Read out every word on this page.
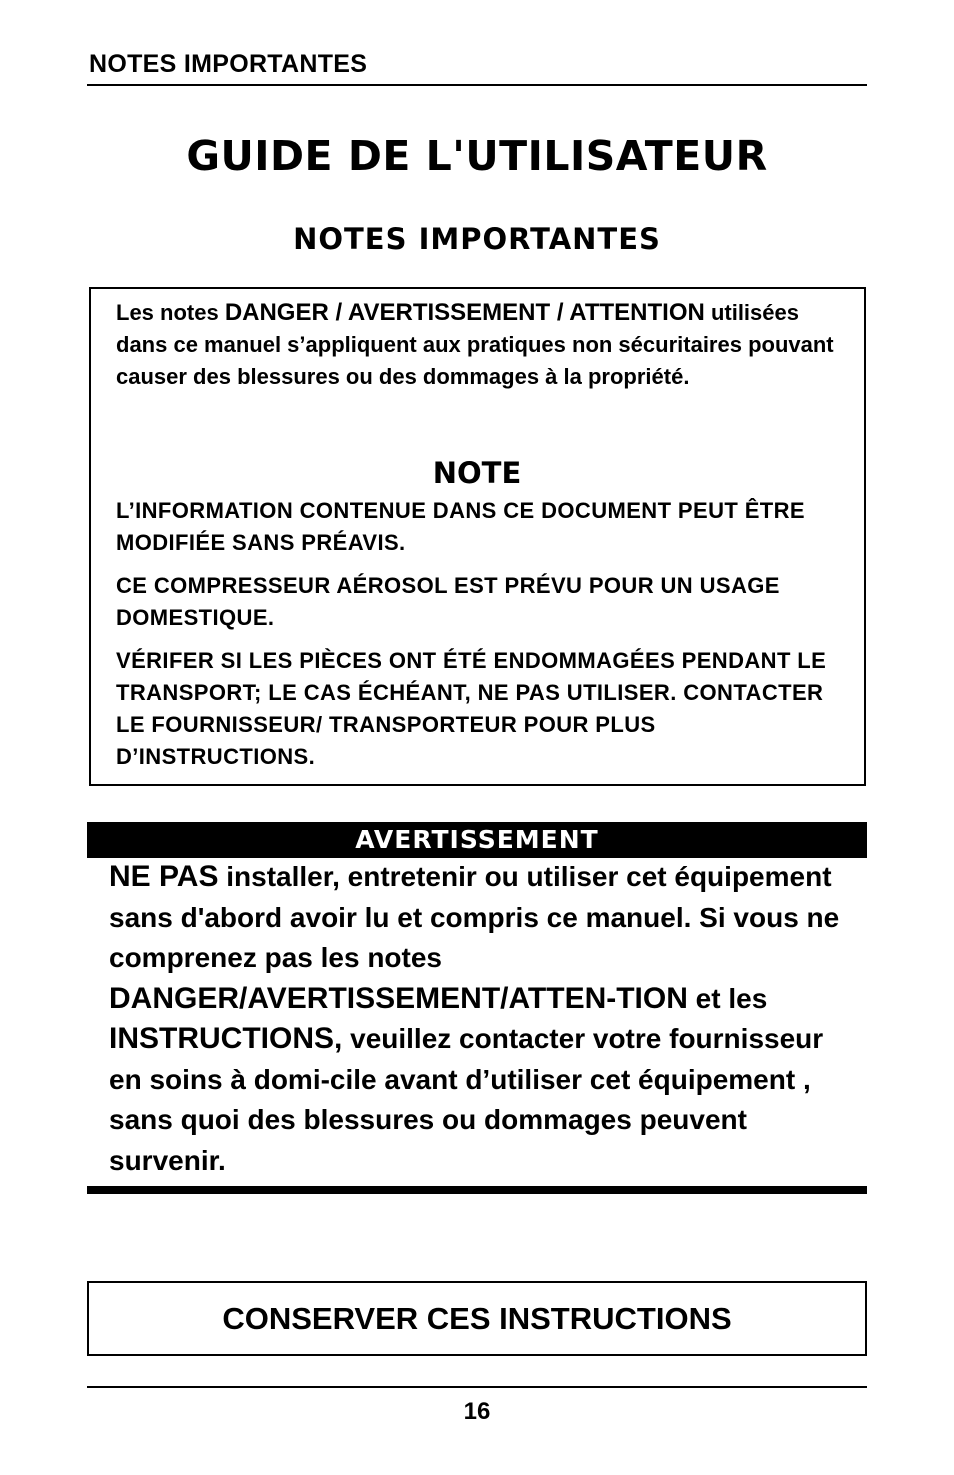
NOTES IMPORTANTES
GUIDE DE L'UTILISATEUR
NOTES IMPORTANTES
Les notes DANGER / AVERTISSEMENT / ATTENTION utilisées dans ce manuel s’appliquent aux pratiques non sécuritaires pouvant causer des blessures ou des dommages à la propriété.
NOTE
L’INFORMATION CONTENUE DANS CE DOCUMENT PEUT ÊTRE MODIFIÉE SANS PRÉAVIS.
CE COMPRESSEUR AÉROSOL EST PRÉVU POUR UN USAGE DOMESTIQUE.
VÉRIFER SI LES PIÈCES ONT ÉTÉ ENDOMMAGÉES PENDANT LE TRANSPORT; LE CAS ÉCHÉANT, NE PAS UTILISER. CONTACTER LE FOURNISSEUR/ TRANSPORTEUR POUR PLUS D’INSTRUCTIONS.
AVERTISSEMENT
NE PAS installer, entretenir ou utiliser cet équipement sans d'abord avoir lu et compris ce manuel. Si vous ne comprenez pas les notes DANGER/AVERTISSEMENT/ATTEN-TION et les INSTRUCTIONS, veuillez contacter votre fournisseur en soins à domi-cile avant d’utiliser cet équipement , sans quoi des blessures ou dommages peuvent survenir.
CONSERVER CES INSTRUCTIONS
16
